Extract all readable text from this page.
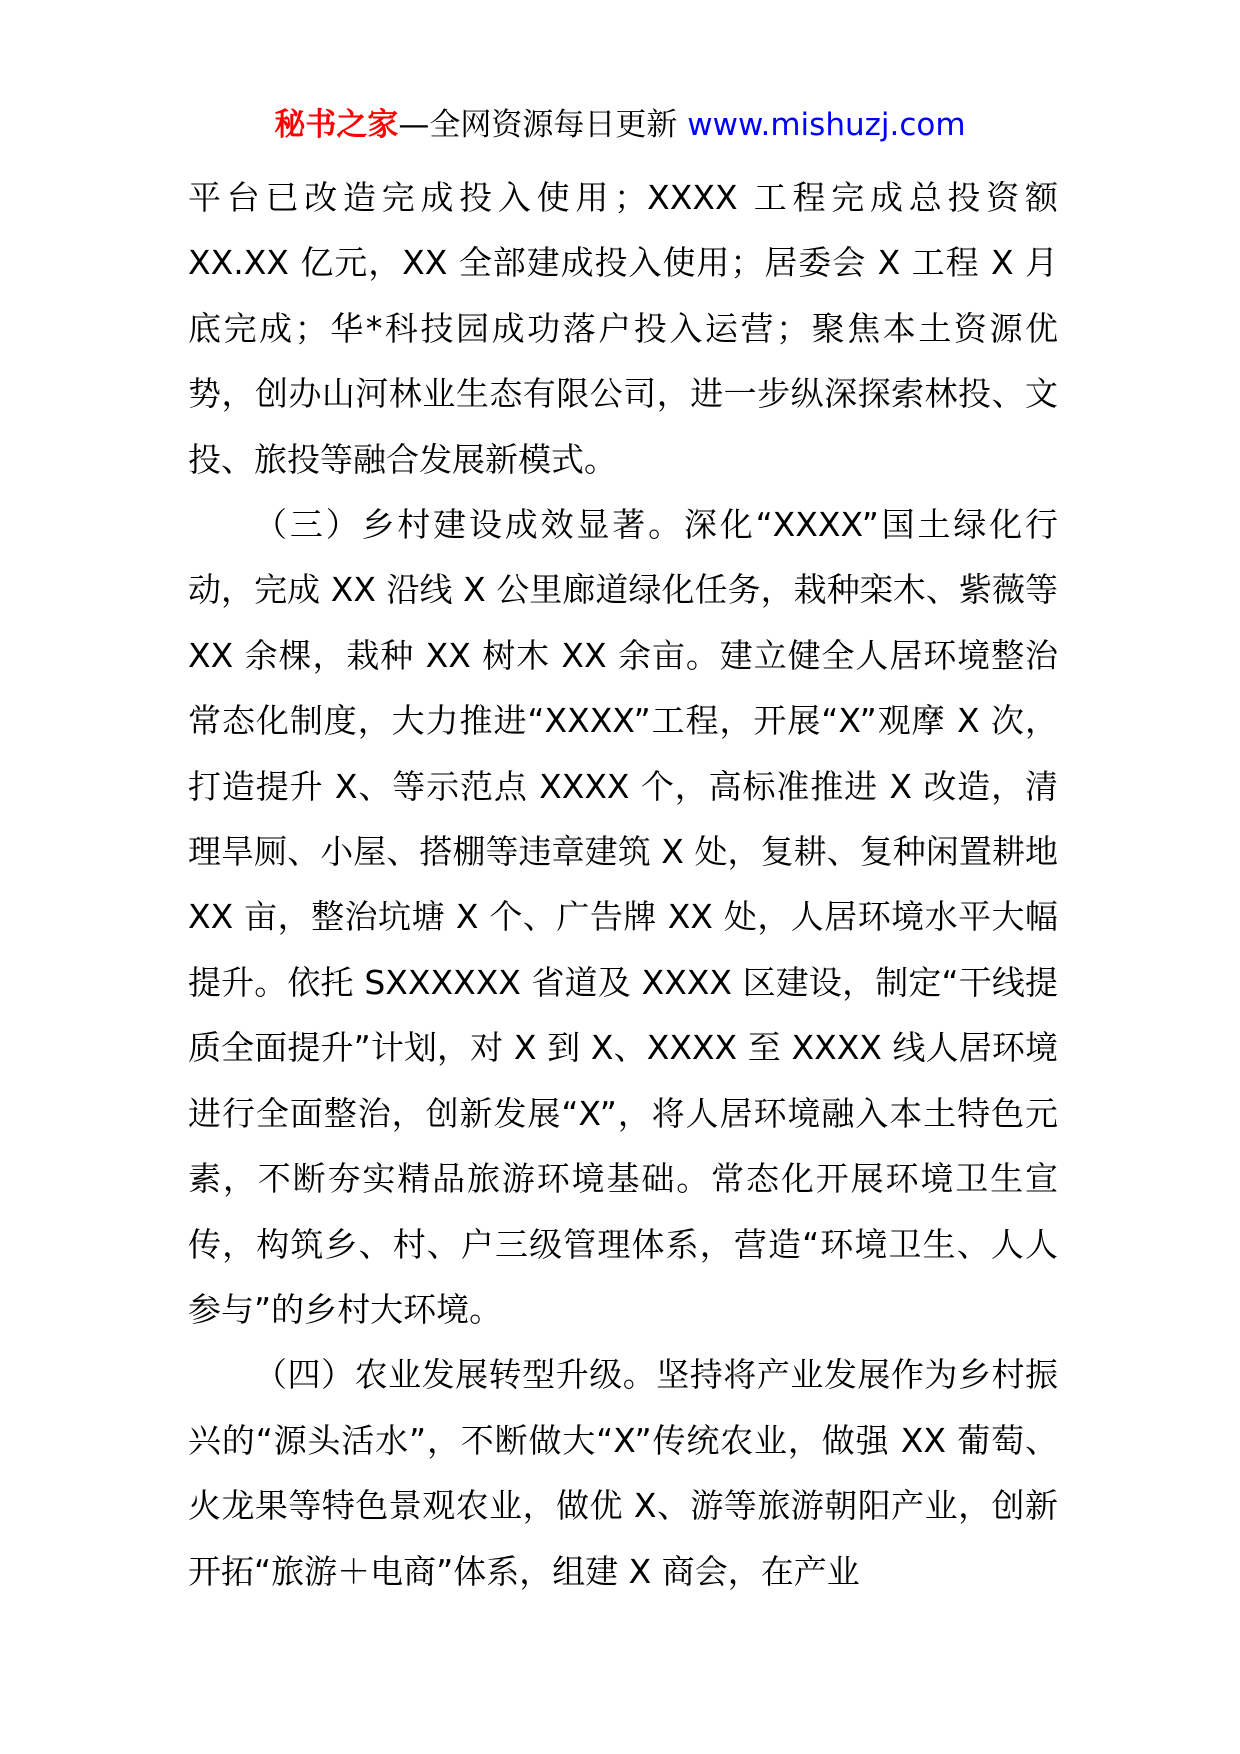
秘书之家—全网资源每日更新 www.mishuzj.com

平台已改造完成投入使用；XXXX 工程完成总投资额 XX.XX 亿元，XX 全部建成投入使用；居委会 X 工程 X 月底完成；华*科技园成功落户投入运营；聚焦本土资源优势，创办山河林业生态有限公司，进一步纵深探索林投、文投、旅投等融合发展新模式。

（三）乡村建设成效显著。深化“XXXX”国土绿化行动，完成 XX 沿线 X 公里廊道绿化任务，栽种栾木、紫薇等 XX 余棵，栽种 XX 树木 XX 余亩。建立健全人居环境整治常态化制度，大力推进“XXXX”工程，开展“X”观摩 X 次，打造提升 X、等示范点 XXXX 个，高标准推进 X 改造，清理旱厕、小屋、搭棚等违章建筑 X 处，复耕、复种闲置耕地 XX 亩，整治坑塘 X 个、广告牌 XX 处，人居环境水平大幅提升。依托 SXXXXXX 省道及 XXXX 区建设，制定“干线提质全面提升”计划，对 X 到 X、XXXX 至 XXXX 线人居环境进行全面整治，创新发展“X”，将人居环境融入本土特色元素，不断夯实精品旅游环境基础。常态化开展环境卫生宣传，构筑乡、村、户三级管理体系，营造“环境卫生、人人参与”的乡村大环境。

（四）农业发展转型升级。坚持将产业发展作为乡村振兴的“源头活水”，不断做大“X”传统农业，做强 XX 葡萄、火龙果等特色景观农业，做优 X、游等旅游朝阳产业，创新开拓“旅游＋电商”体系，组建 X 商会，在产业
